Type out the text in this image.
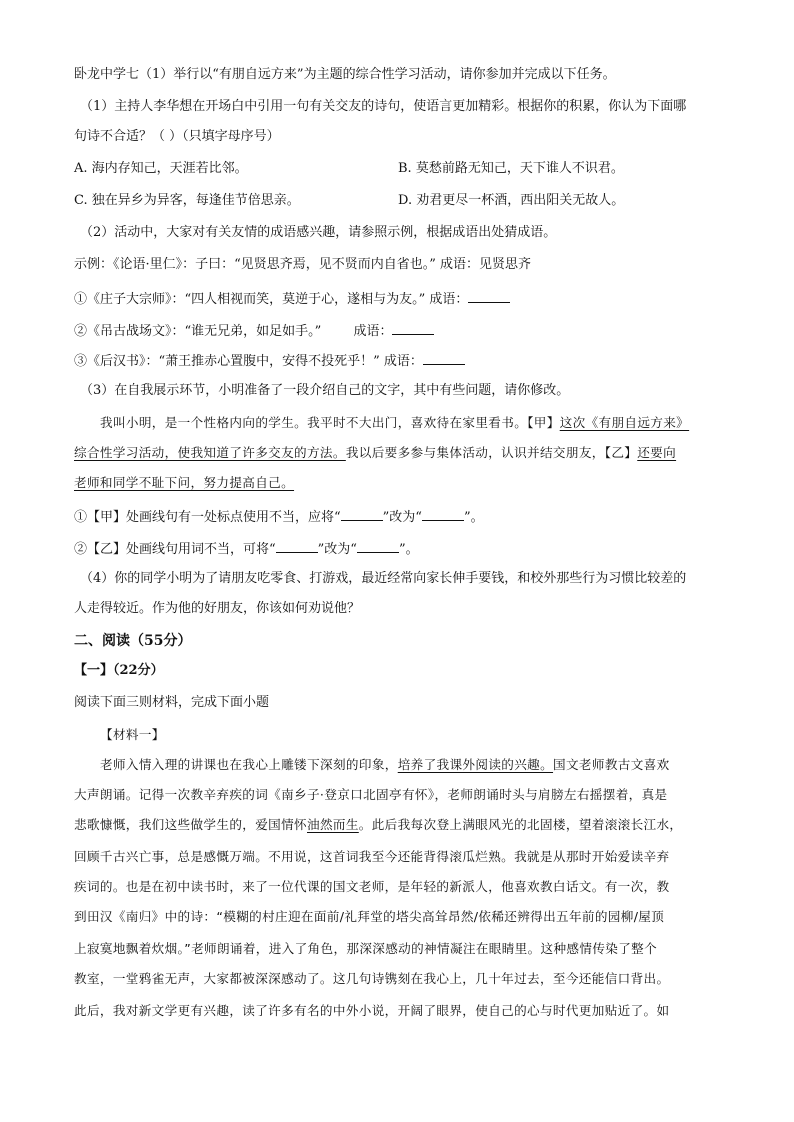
卧龙中学七（1）举行以“有朋自远方来”为主题的综合性学习活动，请你参加并完成以下任务。
（1）主持人李华想在开场白中引用一句有关交友的诗句，使语言更加精彩。根据你的积累，你认为下面哪
句诗不合适？（ ）（只填字母序号）
A. 海内存知己，天涯若比邻。	B. 莫愁前路无知己，天下谁人不识君。
C. 独在异乡为异客，每逢佳节倍思亲。	D. 劝君更尽一杯酒，西出阳关无故人。
（2）活动中，大家对有关友情的成语感兴趣，请参照示例，根据成语出处猜成语。
示例：《论语·里仁》：子曰：“见贤思齐焉，见不贤而内自省也。” 成语：见贤思齐
①《庄子大宗师》：“四人相视而笑，莫逆于心，遂相与为友。” 成语：
②《吊古战场文》：“谁无兄弟，如足如手。” 成语：
③《后汉书》：“萧王推赤心置腹中，安得不投死乎！” 成语：
（3）在自我展示环节，小明准备了一段介绍自己的文字，其中有些问题，请你修改。
我叫小明，是一个性格内向的学生。我平时不大出门，喜欢待在家里看书。【甲】这次《有朋自远方来》
综合性学习活动，使我知道了许多交友的方法。我以后要多参与集体活动，认识并结交朋友，【乙】还要向
老师和同学不耻下问，努力提高自己。
①【甲】处画线句有一处标点使用不当，应将“	”改为“	”。
②【乙】处画线句用词不当，可将“	”改为“	”。
（4）你的同学小明为了请朋友吃零食、打游戏，最近经常向家长伸手要钱，和校外那些行为习惯比较差的
人走得较近。作为他的好朋友，你该如何劝说他？
二、阅读（55分）
【一】（22分）
阅读下面三则材料，完成下面小题
【材料一】
老师入情入理的讲课也在我心上雕镂下深刻的印象，培养了我课外阅读的兴趣。国文老师教古文喜欢
大声朗诵。记得一次教辛弃疾的词《南乡子·登京口北固亭有怀》，老师朗诵时头与肩膀左右摇摆着，真是
悲歌慷慨，我们这些做学生的，爱国情怀油然而生。此后我每次登上满眼风光的北固楼，望着滚滚长江水，
回顾千古兴亡事，总是感慨万端。不用说，这首词我至今还能背得滚瓜烂熟。我就是从那时开始爱读辛弃
疾词的。也是在初中读书时，来了一位代课的国文老师，是年轻的新派人，他喜欢教白话文。有一次，教
到田汉《南归》中的诗：“模糊的村庄迎在面前/礼拜堂的塔尖高耸昂然/依稀还辨得出五年前的园柳/屋顶
上寂寞地飘着炊烟。”老师朗诵着，进入了角色，那深深感动的神情凝注在眼睛里。这种感情传染了整个
教室，一堂鸦雀无声，大家都被深深感动了。这几句诗镌刻在我心上，几十年过去，至今还能信口背出。
此后，我对新文学更有兴趣，读了许多有名的中外小说，开阔了眼界，使自己的心与时代更加贴近了。如
